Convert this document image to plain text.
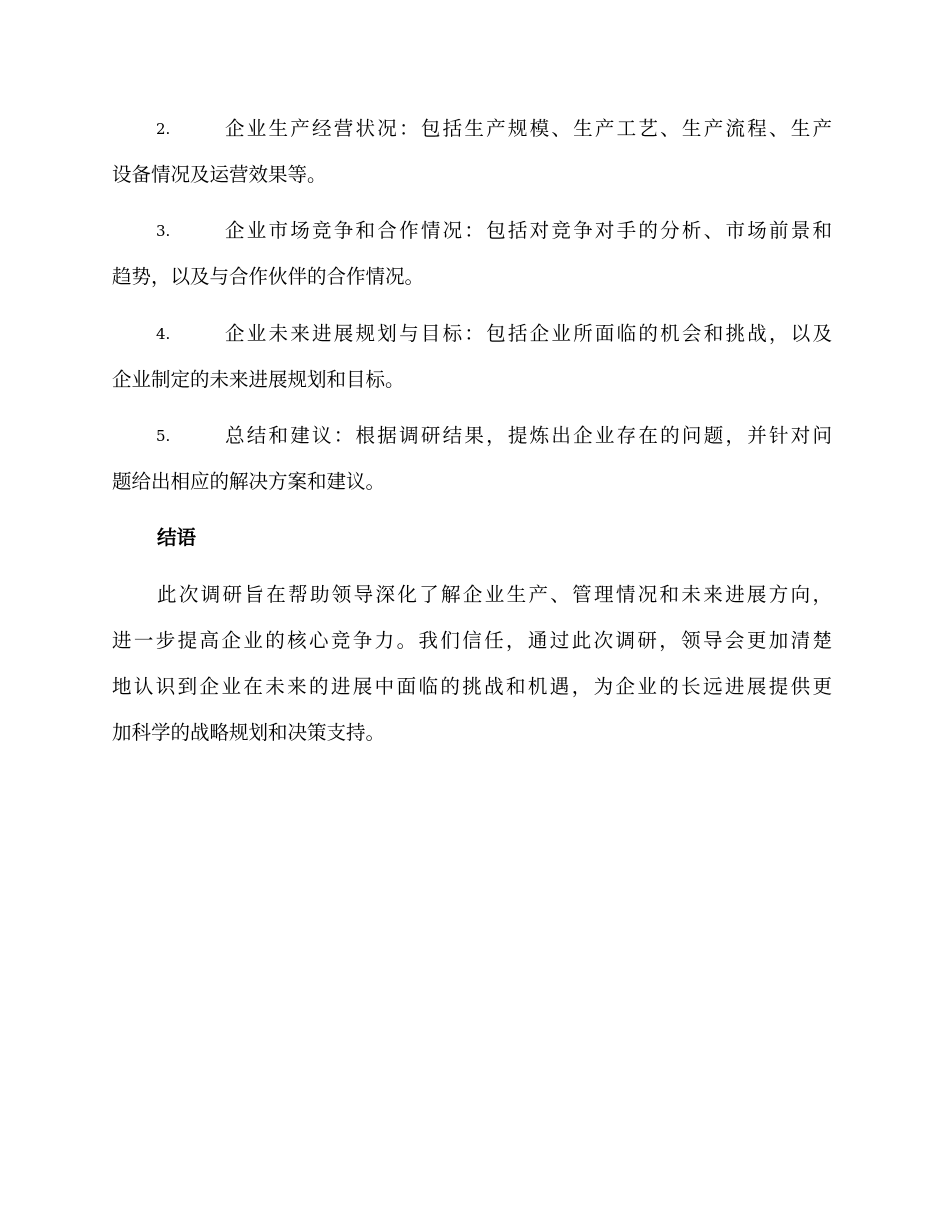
2.	企业生产经营状况：包括生产规模、生产工艺、生产流程、生产
设备情况及运营效果等。
3.	企业市场竞争和合作情况：包括对竞争对手的分析、市场前景和
趋势，以及与合作伙伴的合作情况。
4.	企业未来进展规划与目标：包括企业所面临的机会和挑战，以及
企业制定的未来进展规划和目标。
5.	总结和建议：根据调研结果，提炼出企业存在的问题，并针对问
题给出相应的解决方案和建议。
结语
此次调研旨在帮助领导深化了解企业生产、管理情况和未来进展方向，
进一步提高企业的核心竞争力。我们信任，通过此次调研，领导会更加清楚
地认识到企业在未来的进展中面临的挑战和机遇，为企业的长远进展提供更
加科学的战略规划和决策支持。
